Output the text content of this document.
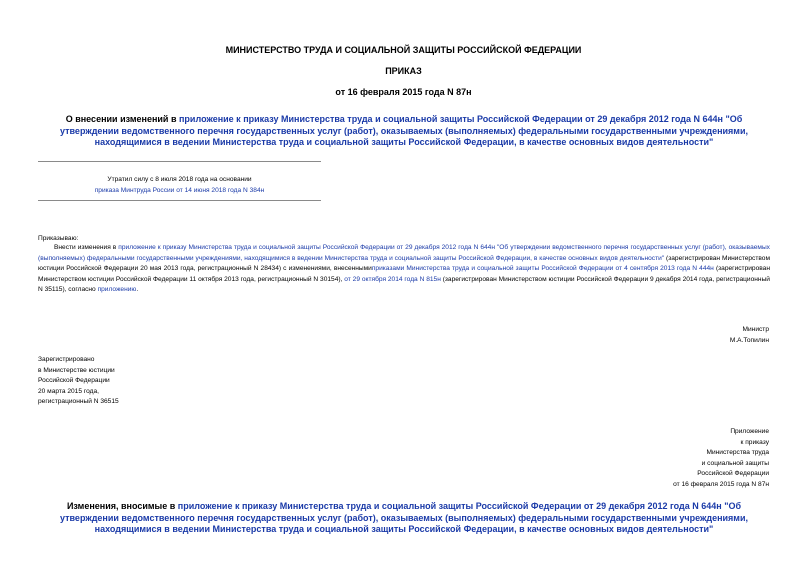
МИНИСТЕРСТВО ТРУДА И СОЦИАЛЬНОЙ ЗАЩИТЫ РОССИЙСКОЙ ФЕДЕРАЦИИ
ПРИКАЗ
от 16 февраля 2015 года N 87н
О внесении изменений в приложение к приказу Министерства труда и социальной защиты Российской Федерации от 29 декабря 2012 года N 644н "Об утверждении ведомственного перечня государственных услуг (работ), оказываемых (выполняемых) федеральными государственными учреждениями, находящимися в ведении Министерства труда и социальной защиты Российской Федерации, в качестве основных видов деятельности"
Утратил силу с 8 июля 2018 года на основании
приказа Минтруда России от 14 июня 2018 года N 384н
Приказываю:
Внести изменения в приложение к приказу Министерства труда и социальной защиты Российской Федерации от 29 декабря 2012 года N 644н "Об утверждении ведомственного перечня государственных услуг (работ), оказываемых (выполняемых) федеральными государственными учреждениями, находящимися в ведении Министерства труда и социальной защиты Российской Федерации, в качестве основных видов деятельности" (зарегистрирован Министерством юстиции Российской Федерации 20 мая 2013 года, регистрационный N 28434) с изменениями, внесеннымиприказами Министерства труда и социальной защиты Российской Федерации от 4 сентября 2013 года N 444н (зарегистрирован Министерством юстиции Российской Федерации 11 октября 2013 года, регистрационный N 30154), от 29 октября 2014 года N 815н (зарегистрирован Министерством юстиции Российской Федерации 9 декабря 2014 года, регистрационный N 35115), согласно приложению.
Министр
М.А.Топилин
Зарегистрировано
в Министерстве юстиции
Российской Федерации
20 марта 2015 года,
регистрационный N 36515
Приложение
к приказу
Министерства труда
и социальной защиты
Российской Федерации
от 16 февраля 2015 года N 87н
Изменения, вносимые в приложение к приказу Министерства труда и социальной защиты Российской Федерации от 29 декабря 2012 года N 644н "Об утверждении ведомственного перечня государственных услуг (работ), оказываемых (выполняемых) федеральными государственными учреждениями, находящимися в ведении Министерства труда и социальной защиты Российской Федерации, в качестве основных видов деятельности"
